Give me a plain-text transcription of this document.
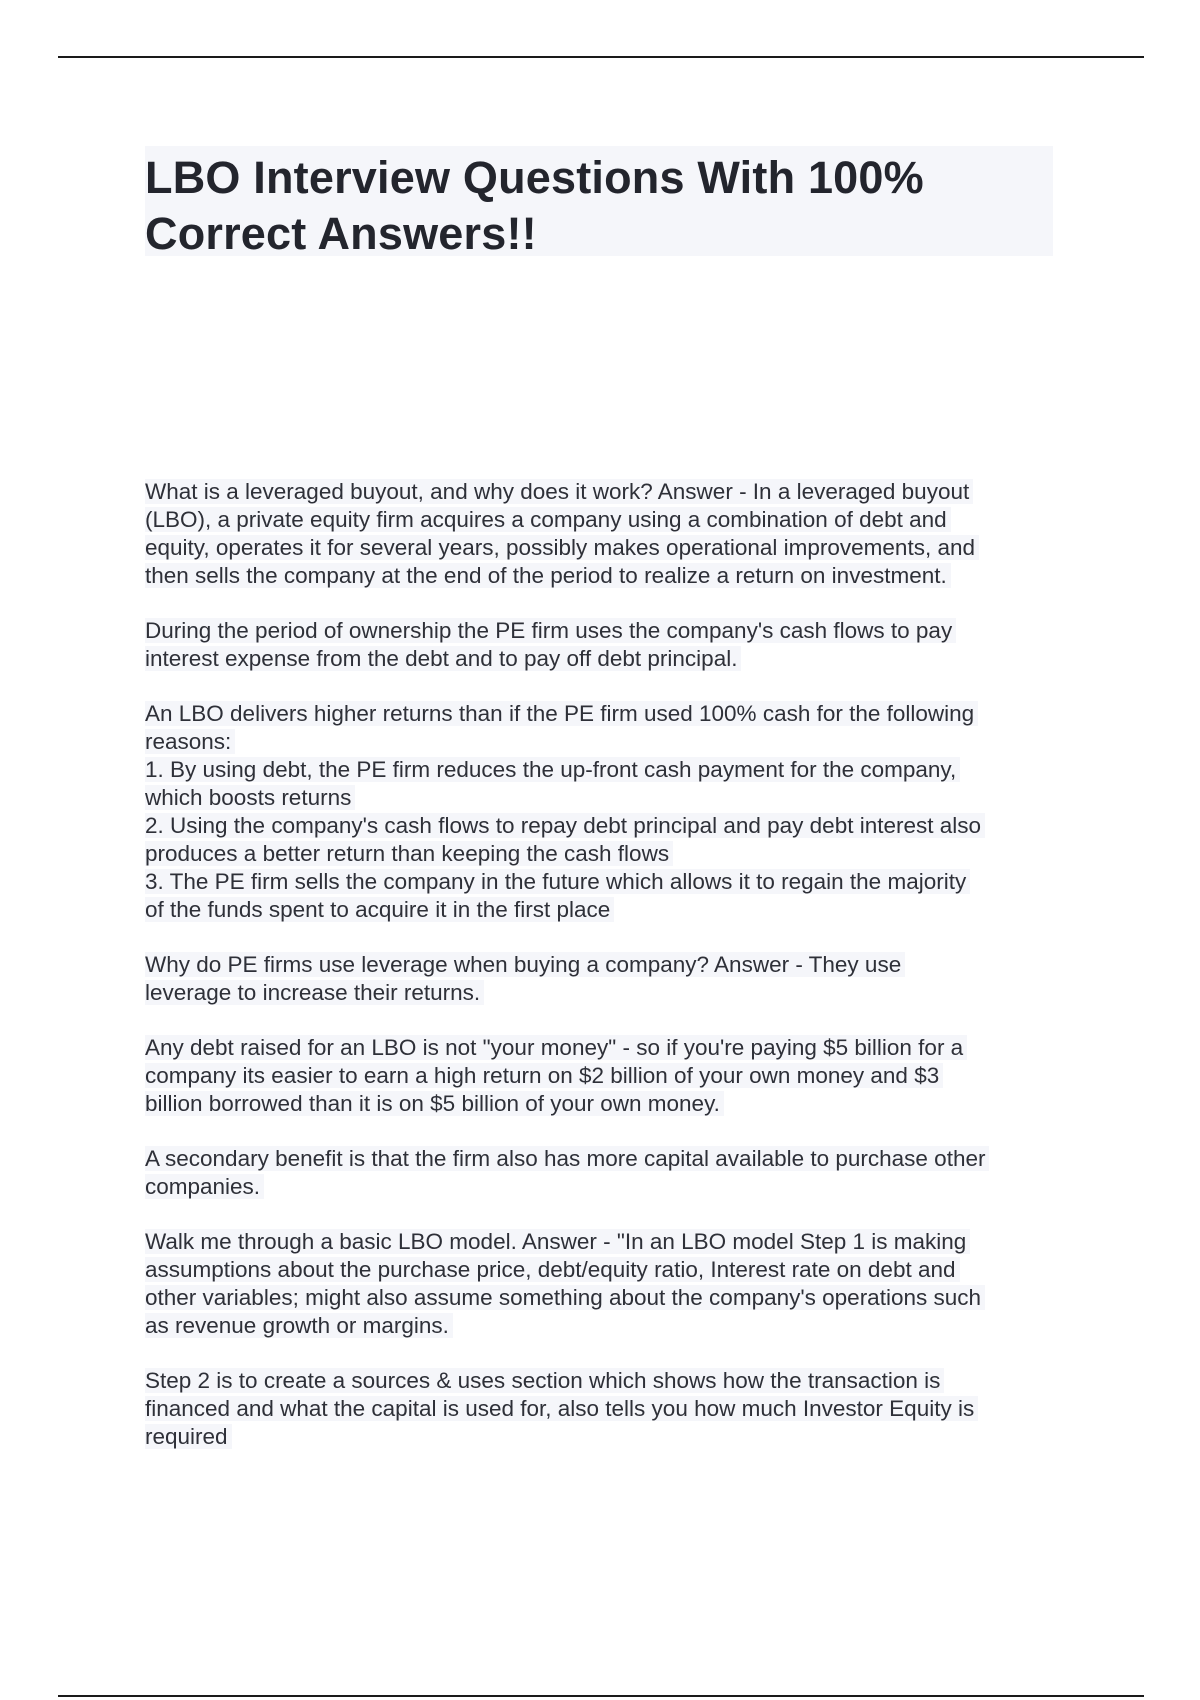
LBO Interview Questions With 100%
Correct Answers!!
What is a leveraged buyout, and why does it work? Answer - In a leveraged buyout
(LBO), a private equity firm acquires a company using a combination of debt and
equity, operates it for several years, possibly makes operational improvements, and
then sells the company at the end of the period to realize a return on investment.
During the period of ownership the PE firm uses the company's cash flows to pay
interest expense from the debt and to pay off debt principal.
An LBO delivers higher returns than if the PE firm used 100% cash for the following
reasons:
1. By using debt, the PE firm reduces the up-front cash payment for the company,
which boosts returns
2. Using the company's cash flows to repay debt principal and pay debt interest also
produces a better return than keeping the cash flows
3. The PE firm sells the company in the future which allows it to regain the majority
of the funds spent to acquire it in the first place
Why do PE firms use leverage when buying a company? Answer - They use
leverage to increase their returns.
Any debt raised for an LBO is not "your money" - so if you're paying $5 billion for a
company its easier to earn a high return on $2 billion of your own money and $3
billion borrowed than it is on $5 billion of your own money.
A secondary benefit is that the firm also has more capital available to purchase other
companies.
Walk me through a basic LBO model. Answer - "In an LBO model Step 1 is making
assumptions about the purchase price, debt/equity ratio, Interest rate on debt and
other variables; might also assume something about the company's operations such
as revenue growth or margins.
Step 2 is to create a sources & uses section which shows how the transaction is
financed and what the capital is used for, also tells you how much Investor Equity is
required
